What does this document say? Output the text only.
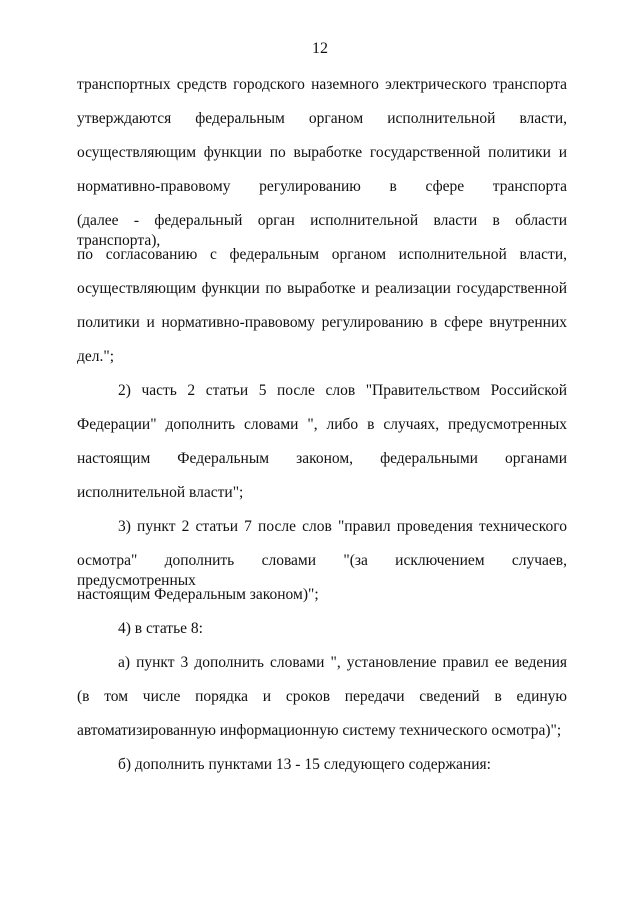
12
транспортных средств городского наземного электрического транспорта
утверждаются федеральным органом исполнительной власти,
осуществляющим функции по выработке государственной политики и
нормативно-правовому регулированию в сфере транспорта
(далее - федеральный орган исполнительной власти в области транспорта),
по согласованию с федеральным органом исполнительной власти,
осуществляющим функции по выработке и реализации государственной
политики и нормативно-правовому регулированию в сфере внутренних
дел.";
2) часть 2 статьи 5 после слов "Правительством Российской
Федерации" дополнить словами ", либо в случаях, предусмотренных
настоящим Федеральным законом, федеральными органами
исполнительной власти";
3) пункт 2 статьи 7 после слов "правил проведения технического
осмотра" дополнить словами "(за исключением случаев, предусмотренных
настоящим Федеральным законом)";
4) в статье 8:
а) пункт 3 дополнить словами ", установление правил ее ведения
(в том числе порядка и сроков передачи сведений в единую
автоматизированную информационную систему технического осмотра)";
б) дополнить пунктами 13 - 15 следующего содержания:
